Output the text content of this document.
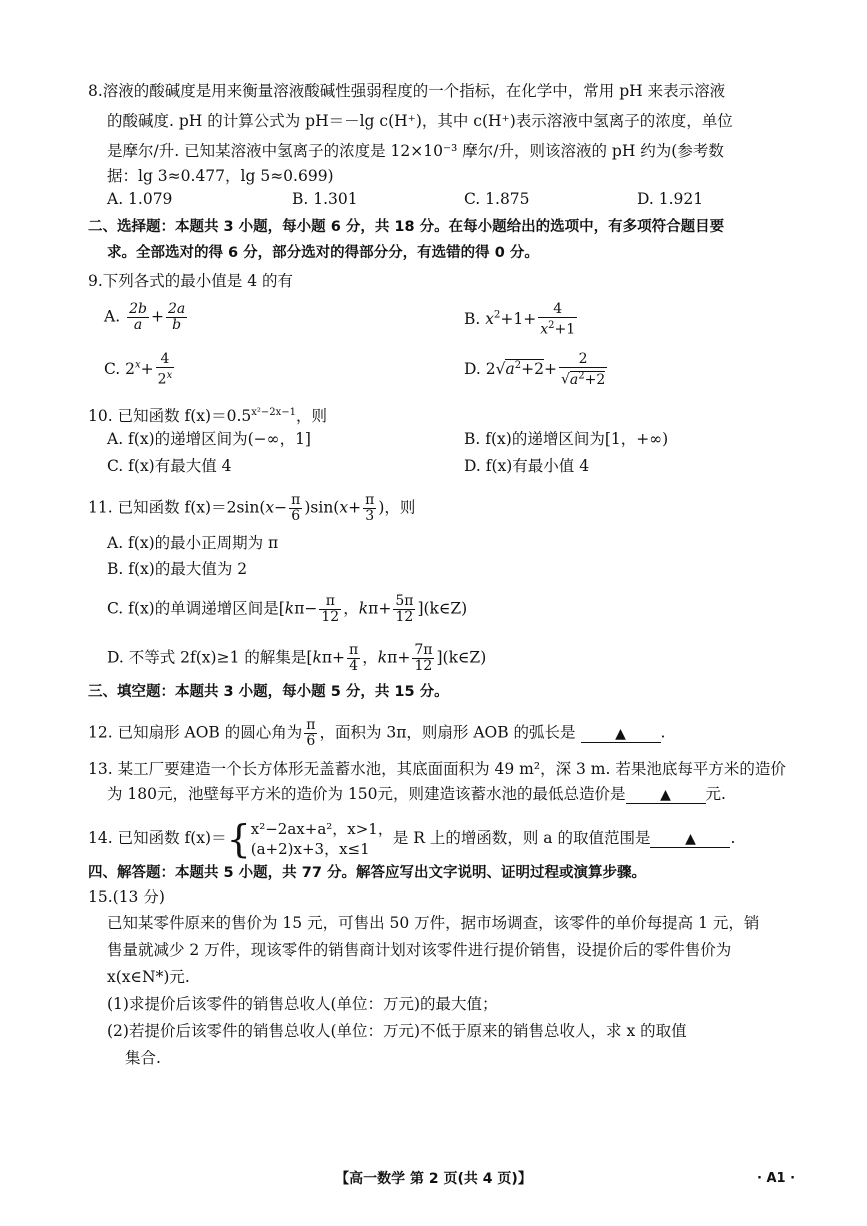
8.溶液的酸碱度是用来衡量溶液酸碱性强弱程度的一个指标，在化学中，常用 pH 来表示溶液
的酸碱度. pH 的计算公式为 pH＝－lg c(H⁺)，其中 c(H⁺)表示溶液中氢离子的浓度，单位
是摩尔/升. 已知某溶液中氢离子的浓度是 12×10⁻³ 摩尔/升，则该溶液的 pH 约为(参考数
据：lg 3≈0.477，lg 5≈0.699)
A. 1.079	B. 1.301	C. 1.875	D. 1.921
二、选择题：本题共 3 小题，每小题 6 分，共 18 分。在每小题给出的选项中，有多项符合题目要
求。全部选对的得 6 分，部分选对的得部分分，有选错的得 0 分。
9.下列各式的最小值是 4 的有
A. $\frac{2b}{a} + \frac{2a}{b}$	B. $x^2+1+ \frac{4}{x^2+1}$
C. $2^x+ \frac{4}{2^x}$	D. $2√a^2+2+ \frac{2}{√a^2+2}$
10. 已知函数 $f(x)=0.5^{x^2-2x-1}$，则
A. f(x)的递增区间为(−∞，1]	B. f(x)的递增区间为[1，+∞)
C. f(x)有最大值 4	D. f(x)有最小值 4
11. 已知函数 $f(x)=2\sin(x- \frac{\pi}{6} )\sin(x+ \frac{\pi}{3}$ )，则
A. f(x)的最小正周期为 π
B. f(x)的最大值为 2
C. f(x)的单调递增区间是[$k\pi- \frac{\pi}{12}$ ，$k\pi+ \frac{5\pi}{12}$ ](k∈Z)
D. 不等式 2f(x)≥1 的解集是[$k\pi+ \frac{\pi}{4}$ ，$k\pi+ \frac{7\pi}{12}$ ](k∈Z)
三、填空题：本题共 3 小题，每小题 5 分，共 15 分。
12. 已知扇形 AOB 的圆心角为 $\frac{\pi}{6}$ ，面积为 3π，则扇形 AOB 的弧长是	▲ .
13. 某工厂要建造一个长方体形无盖蓄水池，其底面面积为 49 m²，深 3 m. 若果池底每平方米的造价
为 180元，池壁每平方米的造价为 150元，则建造该蓄水池的最低总造价是 ▲ 元.
14. 已知函数 f(x)＝{ x²−2ax+a²，x>1，
(a+2)x+3，x≤1
是 R 上的增函数，则 a 的取值范围是 ▲ .
四、解答题：本题共 5 小题，共 77 分。解答应写出文字说明、证明过程或演算步骤。
15.(13 分)
已知某零件原来的售价为 15 元，可售出 50 万件，据市场调查，该零件的单价每提高 1 元，销
售量就减少 2 万件，现该零件的销售商计划对该零件进行提价销售，设提价后的零件售价为
x(x∈N*)元.
(1)求提价后该零件的销售总收人(单位：万元)的最大值；
(2)若提价后该零件的销售总收人(单位：万元)不低于原来的销售总收人，求 x 的取值
集合.
【高一数学 第 2 页(共 4 页)】	· A1 ·
